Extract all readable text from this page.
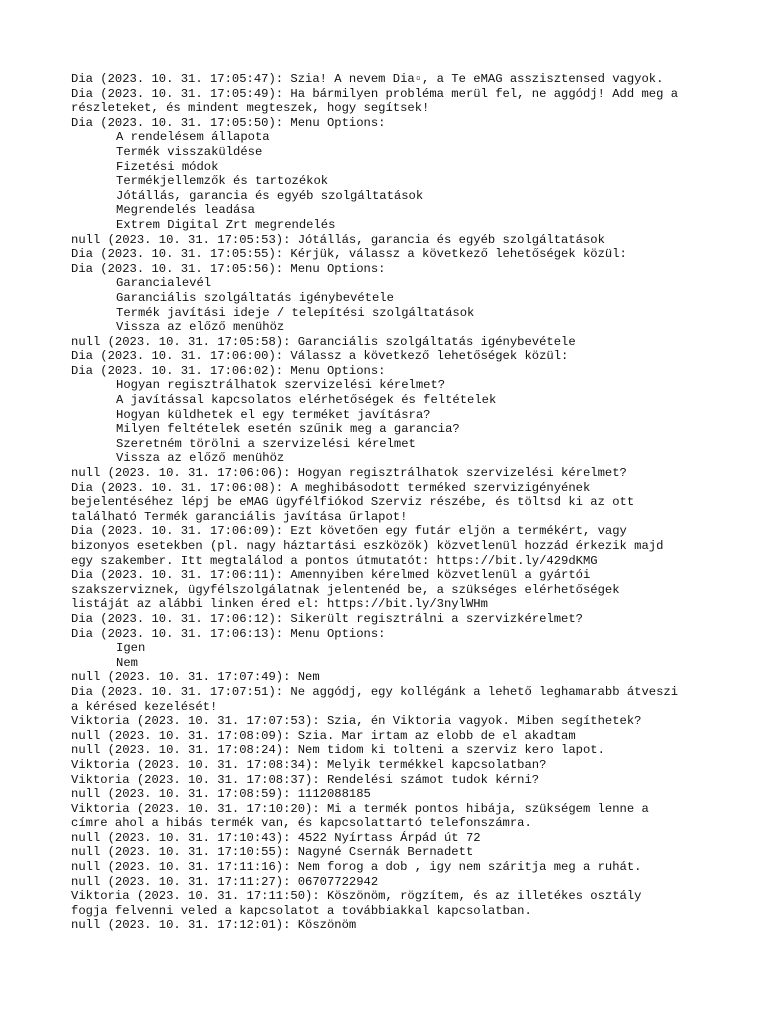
Dia (2023. 10. 31. 17:05:47): Szia! A nevem Dia▫, a Te eMAG asszisztensed vagyok.
Dia (2023. 10. 31. 17:05:49): Ha bármilyen probléma merül fel, ne aggódj! Add meg a
részleteket, és mindent megteszek, hogy segítsek!
Dia (2023. 10. 31. 17:05:50): Menu Options:
A rendelésem állapota
Termék visszaküldése
Fizetési módok
Termékjellemzők és tartozékok
Jótállás, garancia és egyéb szolgáltatások
Megrendelés leadása
Extrem Digital Zrt megrendelés
null (2023. 10. 31. 17:05:53): Jótállás, garancia és egyéb szolgáltatások
Dia (2023. 10. 31. 17:05:55): Kérjük, válassz a következő lehetőségek közül:
Dia (2023. 10. 31. 17:05:56): Menu Options:
Garancialevél
Garanciális szolgáltatás igénybevétele
Termék javítási ideje / telepítési szolgáltatások
Vissza az előző menühöz
null (2023. 10. 31. 17:05:58): Garanciális szolgáltatás igénybevétele
Dia (2023. 10. 31. 17:06:00): Válassz a következő lehetőségek közül:
Dia (2023. 10. 31. 17:06:02): Menu Options:
Hogyan regisztrálhatok szervizelési kérelmet?
A javítással kapcsolatos elérhetőségek és feltételek
Hogyan küldhetek el egy terméket javításra?
Milyen feltételek esetén szűnik meg a garancia?
Szeretném törölni a szervizelési kérelmet
Vissza az előző menühöz
null (2023. 10. 31. 17:06:06): Hogyan regisztrálhatok szervizelési kérelmet?
Dia (2023. 10. 31. 17:06:08): A meghibásodott terméked szervizigényének
bejelentéséhez lépj be eMAG ügyfélfiókod Szerviz részébe, és töltsd ki az ott
található Termék garanciális javítása űrlapot!
Dia (2023. 10. 31. 17:06:09): Ezt követően egy futár eljön a termékért, vagy
bizonyos esetekben (pl. nagy háztartási eszközök) közvetlenül hozzád érkezik majd
egy szakember. Itt megtalálod a pontos útmutatót: https://bit.ly/429dKMG
Dia (2023. 10. 31. 17:06:11): Amennyiben kérelmed közvetlenül a gyártói
szakszerviznek, ügyfélszolgálatnak jelentenéd be, a szükséges elérhetőségek
listáját az alábbi linken éred el: https://bit.ly/3nylWHm
Dia (2023. 10. 31. 17:06:12): Sikerült regisztrálni a szervizkérelmet?
Dia (2023. 10. 31. 17:06:13): Menu Options:
Igen
Nem
null (2023. 10. 31. 17:07:49): Nem
Dia (2023. 10. 31. 17:07:51): Ne aggódj, egy kollégánk a lehető leghamarabb átveszi
a kérésed kezelését!
Viktoria (2023. 10. 31. 17:07:53): Szia, én Viktoria vagyok. Miben segíthetek?
null (2023. 10. 31. 17:08:09): Szia. Mar irtam az elobb de el akadtam
null (2023. 10. 31. 17:08:24): Nem tidom ki tolteni a szerviz kero lapot.
Viktoria (2023. 10. 31. 17:08:34): Melyik termékkel kapcsolatban?
Viktoria (2023. 10. 31. 17:08:37): Rendelési számot tudok kérni?
null (2023. 10. 31. 17:08:59): 1112088185
Viktoria (2023. 10. 31. 17:10:20): Mi a termék pontos hibája, szükségem lenne a
címre ahol a hibás termék van, és kapcsolattartó telefonszámra.
null (2023. 10. 31. 17:10:43): 4522 Nyírtass Árpád út 72
null (2023. 10. 31. 17:10:55): Nagyné Csernák Bernadett
null (2023. 10. 31. 17:11:16): Nem forog a dob , igy nem száritja meg a ruhát.
null (2023. 10. 31. 17:11:27): 06707722942
Viktoria (2023. 10. 31. 17:11:50): Köszönöm, rögzítem, és az illetékes osztály
fogja felvenni veled a kapcsolatot a továbbiakkal kapcsolatban.
null (2023. 10. 31. 17:12:01): Köszönöm
